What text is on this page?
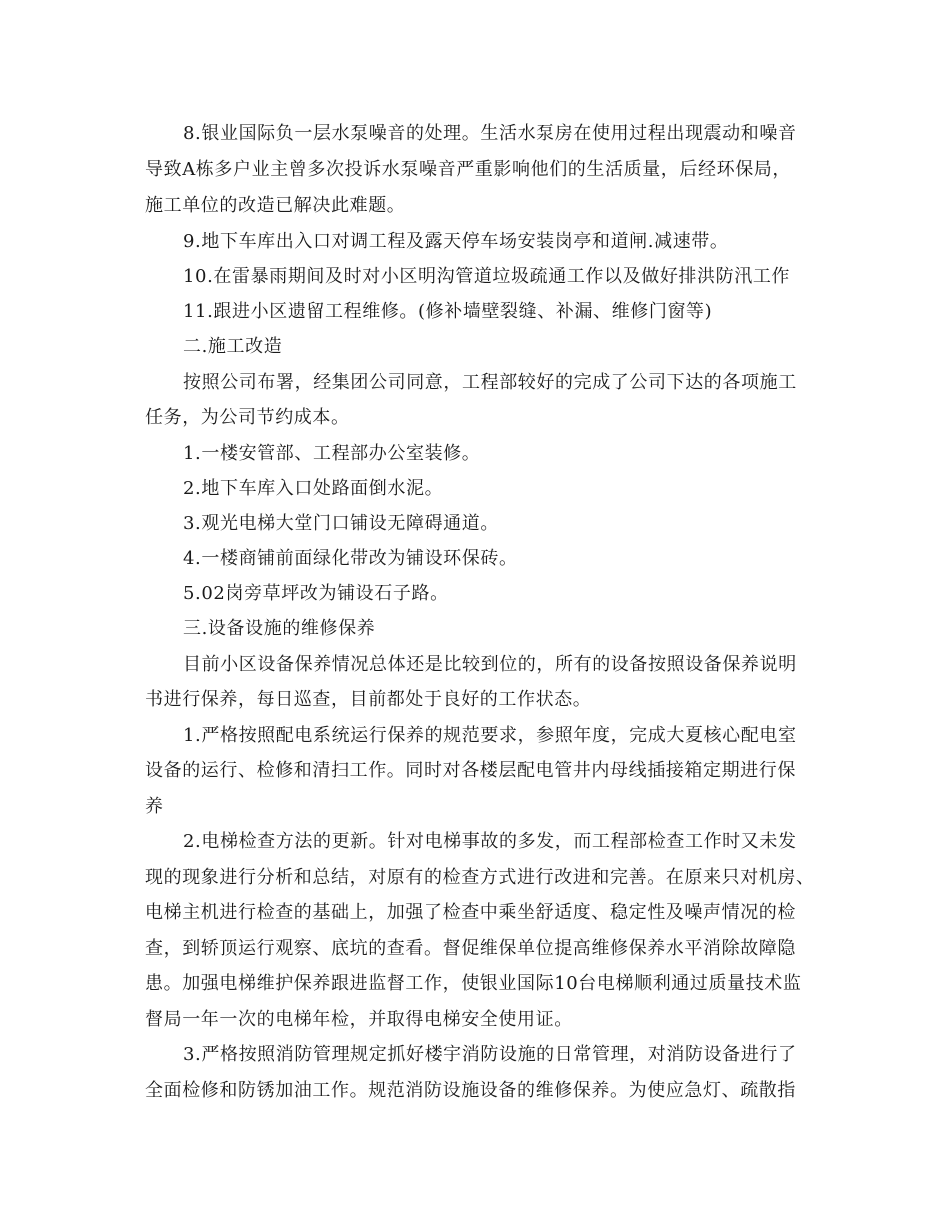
8.银业国际负一层水泵噪音的处理。生活水泵房在使用过程出现震动和噪音
导致A栋多户业主曾多次投诉水泵噪音严重影响他们的生活质量，后经环保局，
施工单位的改造已解决此难题。
9.地下车库出入口对调工程及露天停车场安装岗亭和道闸.减速带。
10.在雷暴雨期间及时对小区明沟管道垃圾疏通工作以及做好排洪防汛工作
11.跟进小区遗留工程维修。(修补墙壁裂缝、补漏、维修门窗等)
二.施工改造
按照公司布署，经集团公司同意，工程部较好的完成了公司下达的各项施工
任务，为公司节约成本。
1.一楼安管部、工程部办公室装修。
2.地下车库入口处路面倒水泥。
3.观光电梯大堂门口铺设无障碍通道。
4.一楼商铺前面绿化带改为铺设环保砖。
5.02岗旁草坪改为铺设石子路。
三.设备设施的维修保养
目前小区设备保养情况总体还是比较到位的，所有的设备按照设备保养说明
书进行保养，每日巡查，目前都处于良好的工作状态。
1.严格按照配电系统运行保养的规范要求，参照年度，完成大夏核心配电室
设备的运行、检修和清扫工作。同时对各楼层配电管井内母线插接箱定期进行保
养
2.电梯检查方法的更新。针对电梯事故的多发，而工程部检查工作时又未发
现的现象进行分析和总结，对原有的检查方式进行改进和完善。在原来只对机房、
电梯主机进行检查的基础上，加强了检查中乘坐舒适度、稳定性及噪声情况的检
查，到轿顶运行观察、底坑的查看。督促维保单位提高维修保养水平消除故障隐
患。加强电梯维护保养跟进监督工作，使银业国际10台电梯顺利通过质量技术监
督局一年一次的电梯年检，并取得电梯安全使用证。
3.严格按照消防管理规定抓好楼宇消防设施的日常管理，对消防设备进行了
全面检修和防锈加油工作。规范消防设施设备的维修保养。为使应急灯、疏散指
